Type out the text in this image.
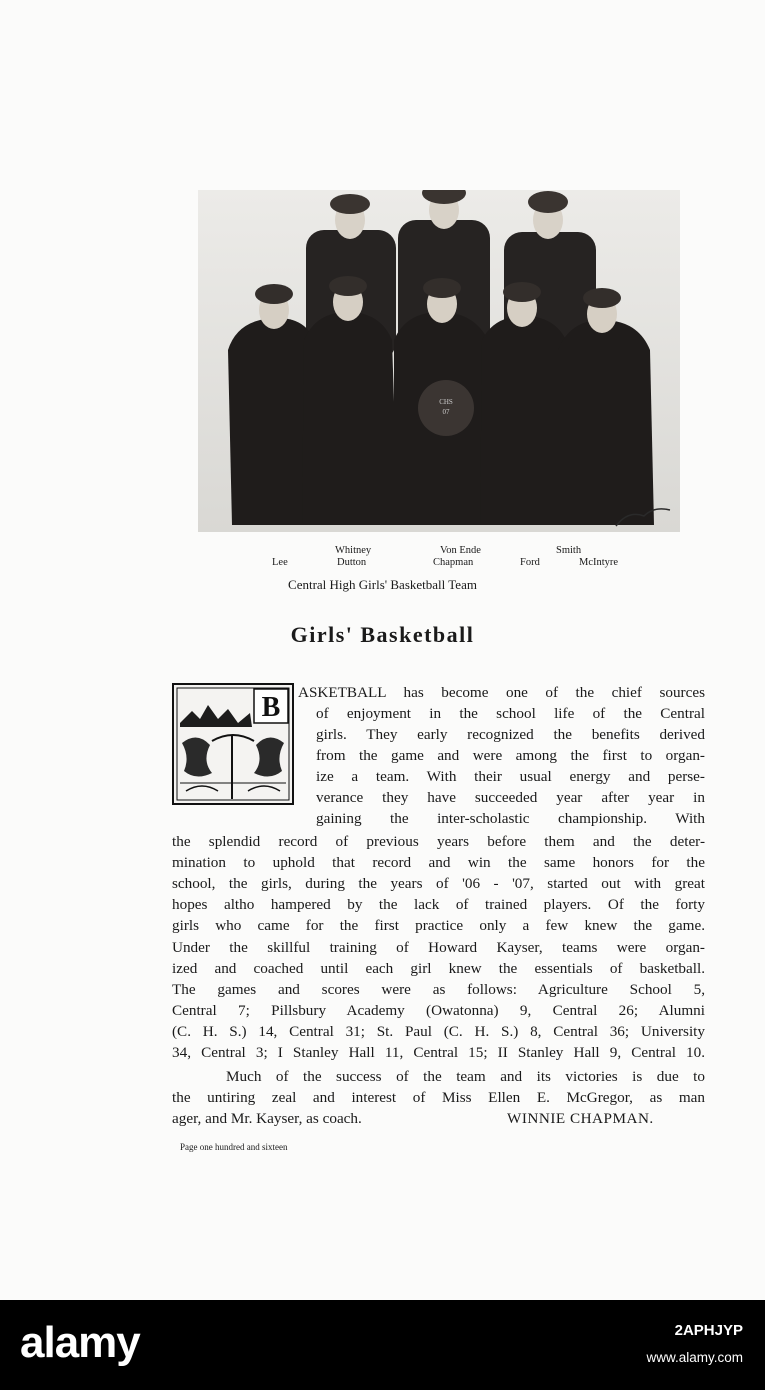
CHS
07
Whitney	Von Ende	Smith
Lee	Dutton	Chapman	Ford	McIntyre
Central High Girls' Basketball Team
Girls' Basketball
B ASKETBALL has become one of the chief sources
of enjoyment in the school life of the Central
girls. They early recognized the benefits derived
from the game and were among the first to organ-
ize a team. With their usual energy and perse-
verance they have succeeded year after year in
gaining the inter-scholastic championship. With
the splendid record of previous years before them and the deter-
mination to uphold that record and win the same honors for the
school, the girls, during the years of '06 - '07, started out with great
hopes altho hampered by the lack of trained players. Of the forty
girls who came for the first practice only a few knew the game.
Under the skillful training of Howard Kayser, teams were organ-
ized and coached until each girl knew the essentials of basketball.
The games and scores were as follows: Agriculture School 5,
Central 7; Pillsbury Academy (Owatonna) 9, Central 26; Alumni
(C. H. S.) 14, Central 31; St. Paul (C. H. S.) 8, Central 36; University
34, Central 3; I Stanley Hall 11, Central 15; II Stanley Hall 9, Central 10.
Much of the success of the team and its victories is due to
the untiring zeal and interest of Miss Ellen E. McGregor, as man
ager, and Mr. Kayser, as coach.	WINNIE CHAPMAN.
Page one hundred and sixteen
alamy	2APHJYP
www.alamy.com
